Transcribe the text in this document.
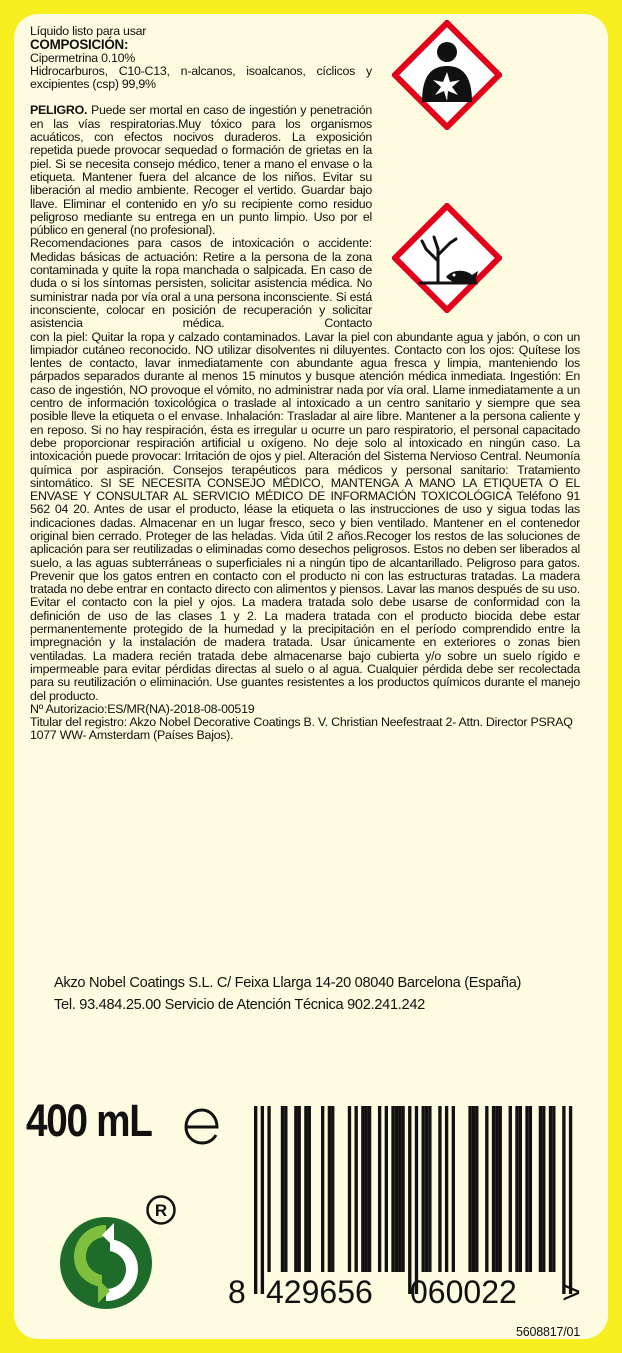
Líquido listo para usar

COMPOSICIÓN:

Cipermetrina 0.10%

Hidrocarburos, C10-C13, n-alcanos, isoalcanos, cíclicos y excipientes (csp) 99,9%

PELIGRO. Puede ser mortal en caso de ingestión y penetración en las vías respiratorias.Muy tóxico para los organismos acuáticos, con efectos nocivos duraderos. La exposición repetida puede provocar sequedad o formación de grietas en la piel. Si se necesita consejo médico, tener a mano el envase o la etiqueta. Mantener fuera del alcance de los niños. Evitar su liberación al medio ambiente. Recoger el vertido. Guardar bajo llave. Eliminar el contenido en y/o su recipiente como residuo peligroso mediante su entrega en un punto limpio. Uso por el público en general (no profesional).

Recomendaciones para casos de intoxicación o accidente: Medidas básicas de actuación: Retire a la persona de la zona contaminada y quite la ropa manchada o salpicada. En caso de duda o si los síntomas persisten, solicitar asistencia médica. No suministrar nada por vía oral a una persona inconsciente. Si está inconsciente, colocar en posición de recuperación y solicitar asistencia médica. Contacto

con la piel: Quitar la ropa y calzado contaminados. Lavar la piel con abundante agua y jabón, o con un limpiador cutáneo reconocido. NO utilizar disolventes ni diluyentes. Contacto con los ojos: Quítese los lentes de contacto, lavar inmediatamente con abundante agua fresca y limpia, manteniendo los párpados separados durante al menos 15 minutos y busque atención médica inmediata. Ingestión: En caso de ingestión, NO provoque el vómito, no administrar nada por vía oral. Llame inmediatamente a un centro de información toxicológica o traslade al intoxicado a un centro sanitario y siempre que sea posible lleve la etiqueta o el envase. Inhalación: Trasladar al aire libre. Mantener a la persona caliente y en reposo. Si no hay respiración, ésta es irregular u ocurre un paro respiratorio, el personal capacitado debe proporcionar respiración artificial u oxígeno. No deje solo al intoxicado en ningún caso. La intoxicación puede provocar: Irritación de ojos y piel. Alteración del Sistema Nervioso Central. Neumonía química por aspiración. Consejos terapéuticos para médicos y personal sanitario: Tratamiento sintomático. SI SE NECESITA CONSEJO MÉDICO, MANTENGA A MANO LA ETIQUETA O EL ENVASE Y CONSULTAR AL SERVICIO MÉDICO DE INFORMACIÓN TOXICOLÓGICA Teléfono 91 562 04 20. Antes de usar el producto, léase la etiqueta o las instrucciones de uso y sigua todas las indicaciones dadas. Almacenar en un lugar fresco, seco y bien ventilado. Mantener en el contenedor original bien cerrado. Proteger de las heladas. Vida útil 2 años.Recoger los restos de las soluciones de aplicación para ser reutilizadas o eliminadas como desechos peligrosos. Estos no deben ser liberados al suelo, a las aguas subterráneas o superficiales ni a ningún tipo de alcantarillado. Peligroso para gatos. Prevenir que los gatos entren en contacto con el producto ni con las estructuras tratadas. La madera tratada no debe entrar en contacto directo con alimentos y piensos. Lavar las manos después de su uso. Evitar el contacto con la piel y ojos. La madera tratada solo debe usarse de conformidad con la definición de uso de las clases 1 y 2. La madera tratada con el producto biocida debe estar permanentemente protegido de la humedad y la precipitación en el período comprendido entre la impregnación y la instalación de madera tratada. Usar únicamente en exteriores o zonas bien ventiladas. La madera recién tratada debe almacenarse bajo cubierta y/o sobre un suelo rígido e impermeable para evitar pérdidas directas al suelo o al agua. Cualquier pérdida debe ser recolectada para su reutilización o eliminación. Use guantes resistentes a los productos químicos durante el manejo del producto.

Nº Autorizacio:ES/MR(NA)-2018-08-00519

Titular del registro: Akzo Nobel Decorative Coatings B. V. Christian Neefestraat 2- Attn. Director PSRAQ 1077 WW- Amsterdam (Países Bajos).

Akzo Nobel Coatings S.L. C/ Feixa Llarga 14-20 08040 Barcelona (España)
Tel. 93.484.25.00 Servicio de Atención Técnica 902.241.242
400 mL
8 429656 060022 >
R
5608817/01
